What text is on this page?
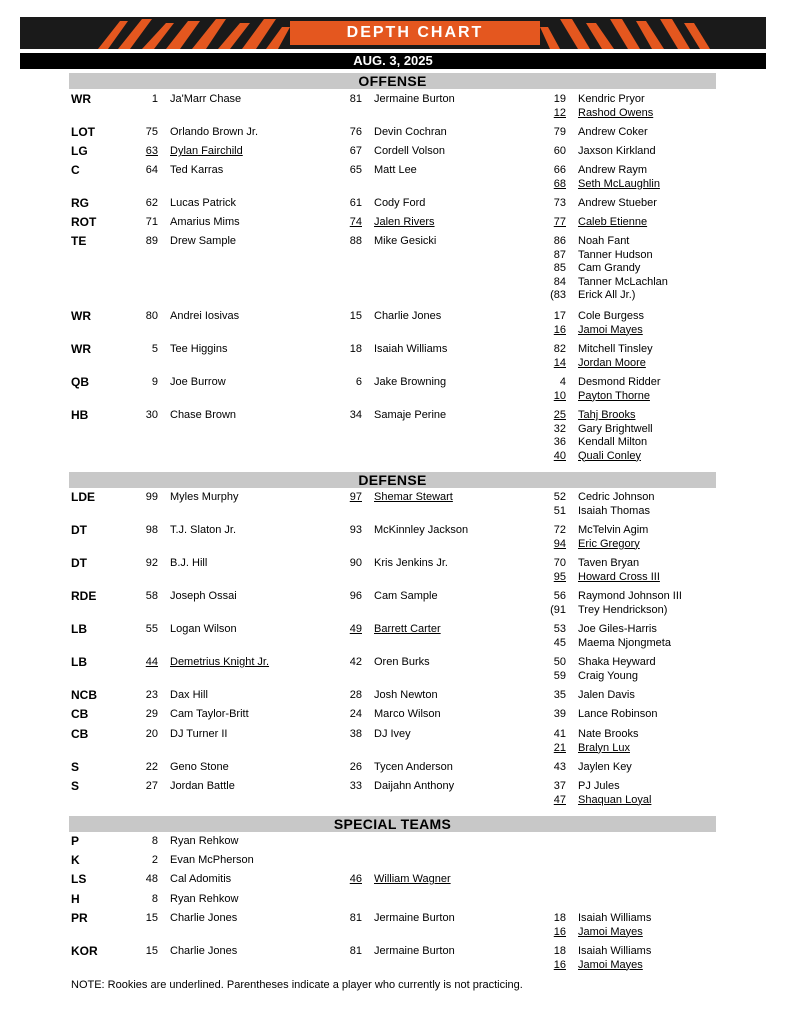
DEPTH CHART
AUG. 3, 2025
OFFENSE
WR	1 Ja'Marr Chase	81 Jermaine Burton	19 Kendric Pryor
12 Rashod Owens
LOT	75 Orlando Brown Jr.	76 Devin Cochran	79 Andrew Coker
LG	63 Dylan Fairchild	67 Cordell Volson	60 Jaxson Kirkland
C	64 Ted Karras	65 Matt Lee	66 Andrew Raym
68 Seth McLaughlin
RG	62 Lucas Patrick	61 Cody Ford	73 Andrew Stueber
ROT	71 Amarius Mims	74 Jalen Rivers	77 Caleb Etienne
TE	89 Drew Sample	88 Mike Gesicki	86 Noah Fant
87 Tanner Hudson
85 Cam Grandy
84 Tanner McLachlan
(83 Erick All Jr.)
WR	80 Andrei Iosivas	15 Charlie Jones	17 Cole Burgess
16 Jamoi Mayes
WR	5 Tee Higgins	18 Isaiah Williams	82 Mitchell Tinsley
14 Jordan Moore
QB	9 Joe Burrow	6 Jake Browning	4 Desmond Ridder
10 Payton Thorne
HB	30 Chase Brown	34 Samaje Perine	25 Tahj Brooks
32 Gary Brightwell
36 Kendall Milton
40 Quali Conley
DEFENSE
LDE	99 Myles Murphy	97 Shemar Stewart	52 Cedric Johnson
51 Isaiah Thomas
DT	98 T.J. Slaton Jr.	93 McKinnley Jackson	72 McTelvin Agim
94 Eric Gregory
DT	92 B.J. Hill	90 Kris Jenkins Jr.	70 Taven Bryan
95 Howard Cross III
RDE	58 Joseph Ossai	96 Cam Sample	56 Raymond Johnson III
(91 Trey Hendrickson)
LB	55 Logan Wilson	49 Barrett Carter	53 Joe Giles-Harris
45 Maema Njongmeta
LB	44 Demetrius Knight Jr.	42 Oren Burks	50 Shaka Heyward
59 Craig Young
NCB	23 Dax Hill	28 Josh Newton	35 Jalen Davis
CB	29 Cam Taylor-Britt	24 Marco Wilson	39 Lance Robinson
CB	20 DJ Turner II	38 DJ Ivey	41 Nate Brooks
21 Bralyn Lux
S	22 Geno Stone	26 Tycen Anderson	43 Jaylen Key
S	27 Jordan Battle	33 Daijahn Anthony	37 PJ Jules
47 Shaquan Loyal
SPECIAL TEAMS
P	8 Ryan Rehkow
K	2 Evan McPherson
LS	48 Cal Adomitis	46 William Wagner
H	8 Ryan Rehkow
PR	15 Charlie Jones	81 Jermaine Burton	18 Isaiah Williams
16 Jamoi Mayes
KOR	15 Charlie Jones	81 Jermaine Burton	18 Isaiah Williams
16 Jamoi Mayes
NOTE: Rookies are underlined. Parentheses indicate a player who currently is not practicing.
